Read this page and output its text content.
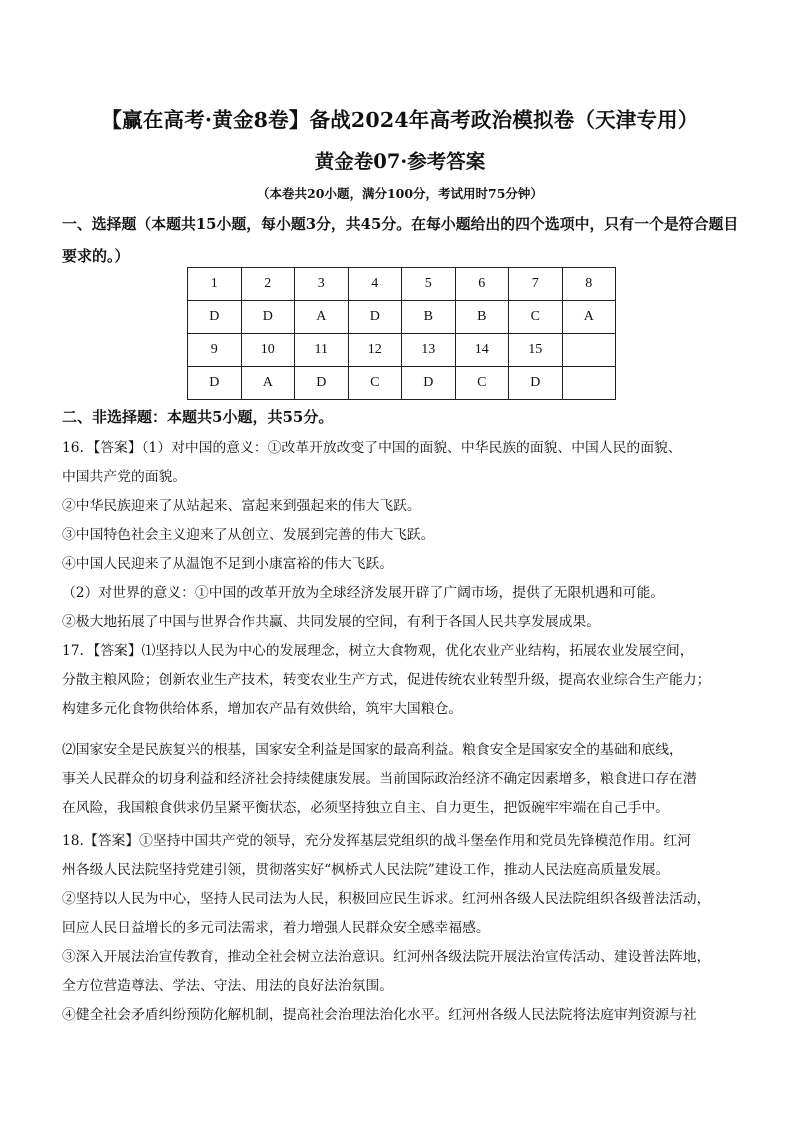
【赢在高考·黄金8卷】备战2024年高考政治模拟卷（天津专用）
黄金卷07·参考答案
（本卷共20小题，满分100分，考试用时75分钟）
一、选择题（本题共15小题，每小题3分，共45分。在每小题给出的四个选项中，只有一个是符合题目
要求的。）
1	2	3	4	5	6	7	8
D	D	A	D	B	B	C	A
9	10	11	12	13	14	15	
D	A	D	C	D	C	D	
二、非选择题：本题共5小题，共55分。
16．【答案】（1）对中国的意义：①改革开放改变了中国的面貌、中华民族的面貌、中国人民的面貌、
中国共产党的面貌。
②中华民族迎来了从站起来、富起来到强起来的伟大飞跃。
③中国特色社会主义迎来了从创立、发展到完善的伟大飞跃。
④中国人民迎来了从温饱不足到小康富裕的伟大飞跃。
（2）对世界的意义：①中国的改革开放为全球经济发展开辟了广阔市场，提供了无限机遇和可能。
②极大地拓展了中国与世界合作共赢、共同发展的空间，有利于各国人民共享发展成果。
17．【答案】⑴坚持以人民为中心的发展理念，树立大食物观，优化农业产业结构，拓展农业发展空间，
分散主粮风险；创新农业生产技术，转变农业生产方式，促进传统农业转型升级，提高农业综合生产能力；
构建多元化食物供给体系，增加农产品有效供给，筑牢大国粮仓。
⑵国家安全是民族复兴的根基，国家安全利益是国家的最高利益。粮食安全是国家安全的基础和底线，
事关人民群众的切身利益和经济社会持续健康发展。当前国际政治经济不确定因素增多，粮食进口存在潜
在风险，我国粮食供求仍呈紧平衡状态，必须坚持独立自主、自力更生，把饭碗牢牢端在自己手中。
18.【答案】①坚持中国共产党的领导，充分发挥基层党组织的战斗堡垒作用和党员先锋模范作用。红河
州各级人民法院坚持党建引领，贯彻落实好“枫桥式人民法院”建设工作，推动人民法庭高质量发展。
②坚持以人民为中心，坚持人民司法为人民，积极回应民生诉求。红河州各级人民法院组织各级普法活动，
回应人民日益增长的多元司法需求，着力增强人民群众安全感幸福感。
③深入开展法治宣传教育，推动全社会树立法治意识。红河州各级法院开展法治宣传活动、建设普法阵地，
全方位营造尊法、学法、守法、用法的良好法治氛围。
④健全社会矛盾纠纷预防化解机制，提高社会治理法治化水平。红河州各级人民法院将法庭审判资源与社
